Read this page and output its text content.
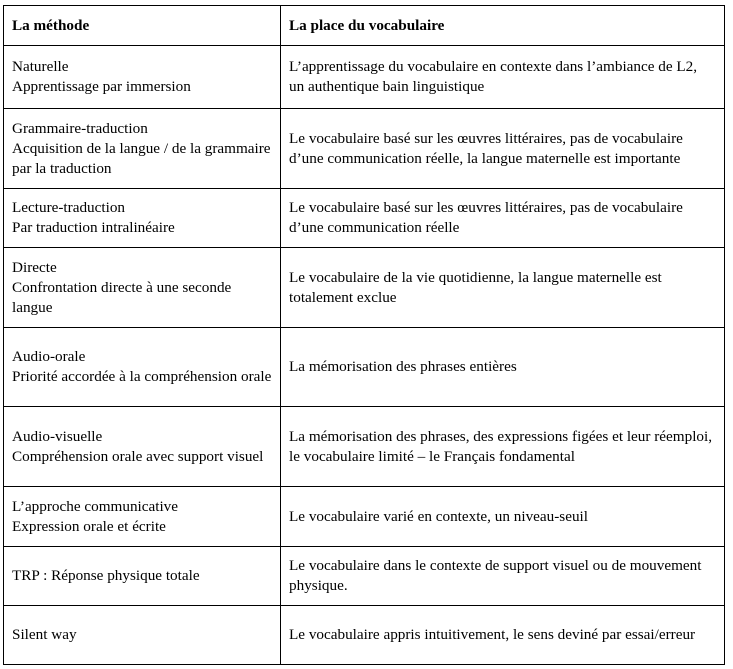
La méthode	La place du vocabulaire

Naturelle
Apprentissage par immersion	L’apprentissage du vocabulaire en contexte dans l’ambiance de L2, un authentique bain linguistique

Grammaire-traduction
Acquisition de la langue / de la grammaire par la traduction	Le vocabulaire basé sur les œuvres littéraires, pas de vocabulaire d’une communication réelle, la langue maternelle est importante

Lecture-traduction
Par traduction intralinéaire	Le vocabulaire basé sur les œuvres littéraires, pas de vocabulaire d’une communication réelle

Directe
Confrontation directe à une seconde langue	Le vocabulaire de la vie quotidienne, la langue maternelle est totalement exclue

Audio-orale
Priorité accordée à la compréhension orale	La mémorisation des phrases entières

Audio-visuelle
Compréhension orale avec support visuel	La mémorisation des phrases, des expressions figées et leur réemploi, le vocabulaire limité – le Français fondamental

L’approche communicative
Expression orale et écrite	Le vocabulaire varié en contexte, un niveau-seuil

TRP : Réponse physique totale	Le vocabulaire dans le contexte de support visuel ou de mouvement physique.

Silent way	Le vocabulaire appris intuitivement, le sens deviné par essai/erreur
